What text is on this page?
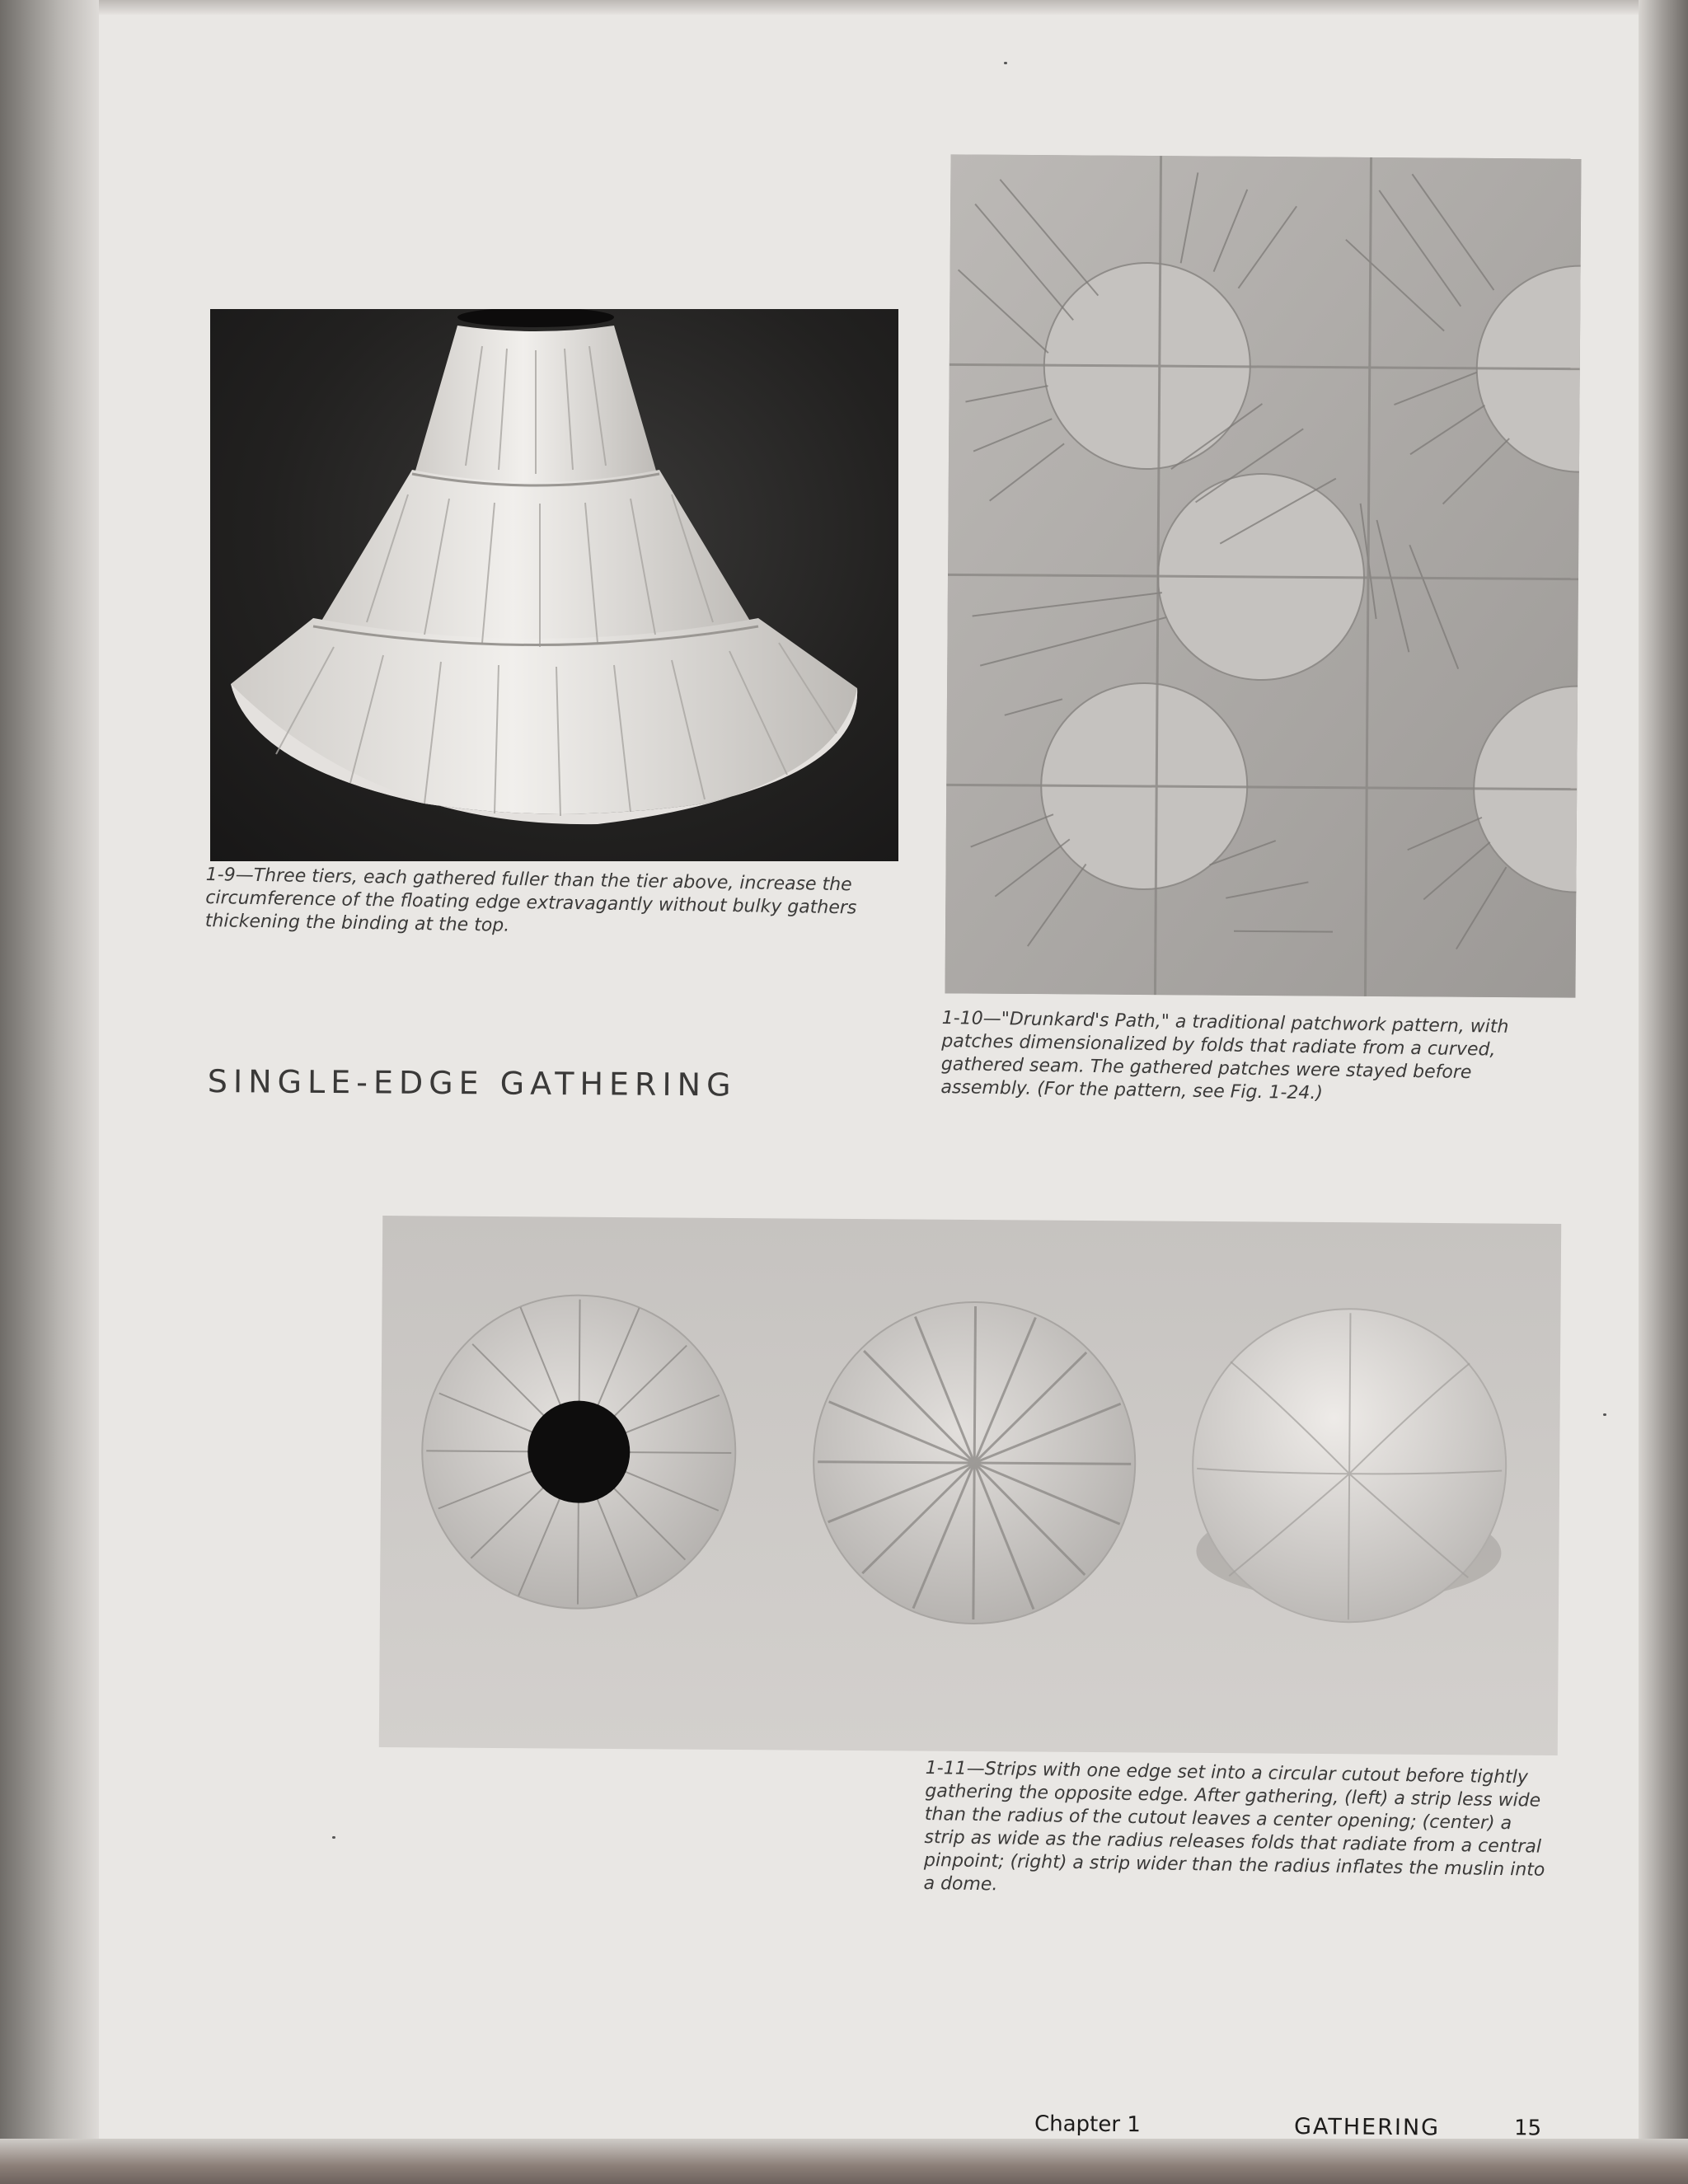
1-9—Three tiers, each gathered fuller than the tier above, increase the circumference of the floating edge extravagantly without bulky gathers thickening the binding at the top.

1-10—"Drunkard's Path," a traditional patchwork pattern, with patches dimensionalized by folds that radiate from a curved, gathered seam. The gathered patches were stayed before assembly. (For the pattern, see Fig. 1-24.)

SINGLE-EDGE GATHERING

1-11—Strips with one edge set into a circular cutout before tightly gathering the opposite edge. After gathering, (left) a strip less wide than the radius of the cutout leaves a center opening; (center) a strip as wide as the radius releases folds that radiate from a central pinpoint; (right) a strip wider than the radius inflates the muslin into a dome.

Chapter 1	GATHERING	15
